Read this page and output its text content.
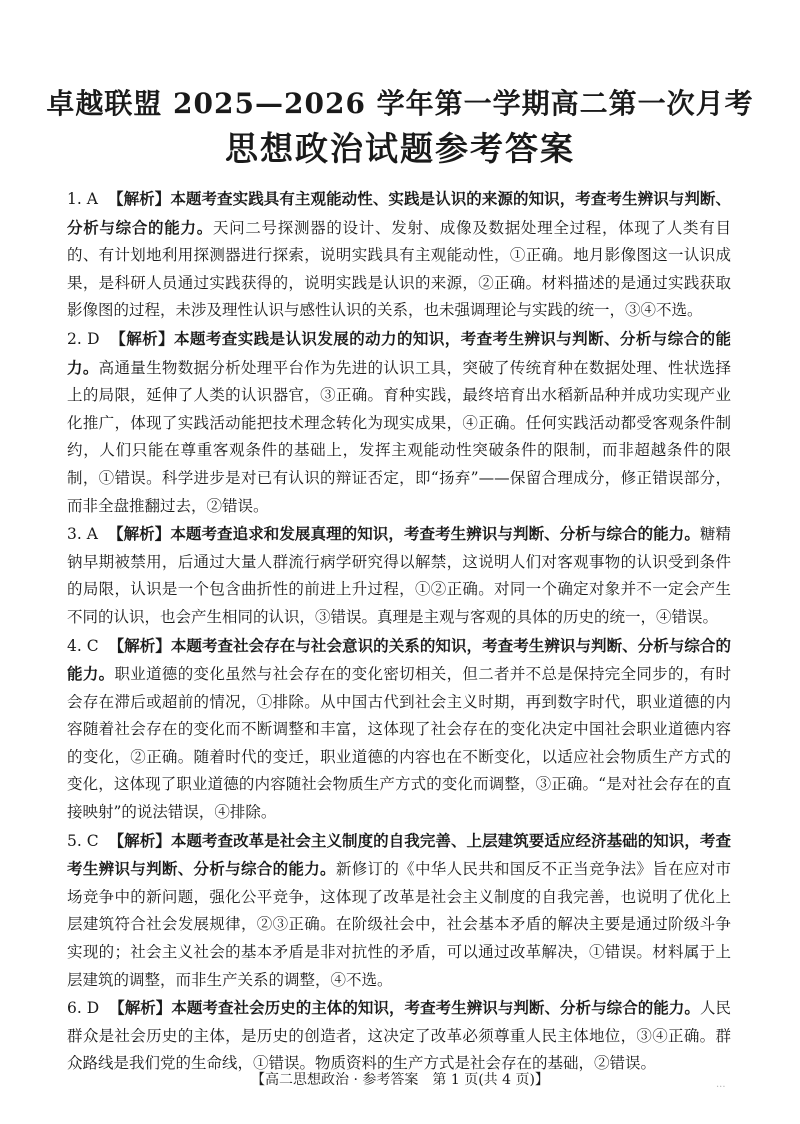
卓越联盟 2025—2026 学年第一学期高二第一次月考
思想政治试题参考答案

1. A 【解析】本题考查实践具有主观能动性、实践是认识的来源的知识，考查考生辨识与判断、分析与综合的能力。天问二号探测器的设计、发射、成像及数据处理全过程，体现了人类有目的、有计划地利用探测器进行探索，说明实践具有主观能动性，①正确。地月影像图这一认识成果，是科研人员通过实践获得的，说明实践是认识的来源，②正确。材料描述的是通过实践获取影像图的过程，未涉及理性认识与感性认识的关系，也未强调理论与实践的统一，③④不选。

2. D 【解析】本题考查实践是认识发展的动力的知识，考查考生辨识与判断、分析与综合的能力。高通量生物数据分析处理平台作为先进的认识工具，突破了传统育种在数据处理、性状选择上的局限，延伸了人类的认识器官，③正确。育种实践，最终培育出水稻新品种并成功实现产业化推广，体现了实践活动能把技术理念转化为现实成果，④正确。任何实践活动都受客观条件制约，人们只能在尊重客观条件的基础上，发挥主观能动性突破条件的限制，而非超越条件的限制，①错误。科学进步是对已有认识的辩证否定，即“扬弃”——保留合理成分，修正错误部分，而非全盘推翻过去，②错误。

3. A 【解析】本题考查追求和发展真理的知识，考查考生辨识与判断、分析与综合的能力。糖精钠早期被禁用，后通过大量人群流行病学研究得以解禁，这说明人们对客观事物的认识受到条件的局限，认识是一个包含曲折性的前进上升过程，①②正确。对同一个确定对象并不一定会产生不同的认识，也会产生相同的认识，③错误。真理是主观与客观的具体的历史的统一，④错误。

4. C 【解析】本题考查社会存在与社会意识的关系的知识，考查考生辨识与判断、分析与综合的能力。职业道德的变化虽然与社会存在的变化密切相关，但二者并不总是保持完全同步的，有时会存在滞后或超前的情况，①排除。从中国古代到社会主义时期，再到数字时代，职业道德的内容随着社会存在的变化而不断调整和丰富，这体现了社会存在的变化决定中国社会职业道德内容的变化，②正确。随着时代的变迁，职业道德的内容也在不断变化，以适应社会物质生产方式的变化，这体现了职业道德的内容随社会物质生产方式的变化而调整，③正确。“是对社会存在的直接映射”的说法错误，④排除。

5. C 【解析】本题考查改革是社会主义制度的自我完善、上层建筑要适应经济基础的知识，考查考生辨识与判断、分析与综合的能力。新修订的《中华人民共和国反不正当竞争法》旨在应对市场竞争中的新问题，强化公平竞争，这体现了改革是社会主义制度的自我完善，也说明了优化上层建筑符合社会发展规律，②③正确。在阶级社会中，社会基本矛盾的解决主要是通过阶级斗争实现的；社会主义社会的基本矛盾是非对抗性的矛盾，可以通过改革解决，①错误。材料属于上层建筑的调整，而非生产关系的调整，④不选。

6. D 【解析】本题考查社会历史的主体的知识，考查考生辨识与判断、分析与综合的能力。人民群众是社会历史的主体，是历史的创造者，这决定了改革必须尊重人民主体地位，③④正确。群众路线是我们党的生命线，①错误。物质资料的生产方式是社会存在的基础，②错误。

【高二思想政治 · 参考答案　第 1 页(共 4 页)】	···
